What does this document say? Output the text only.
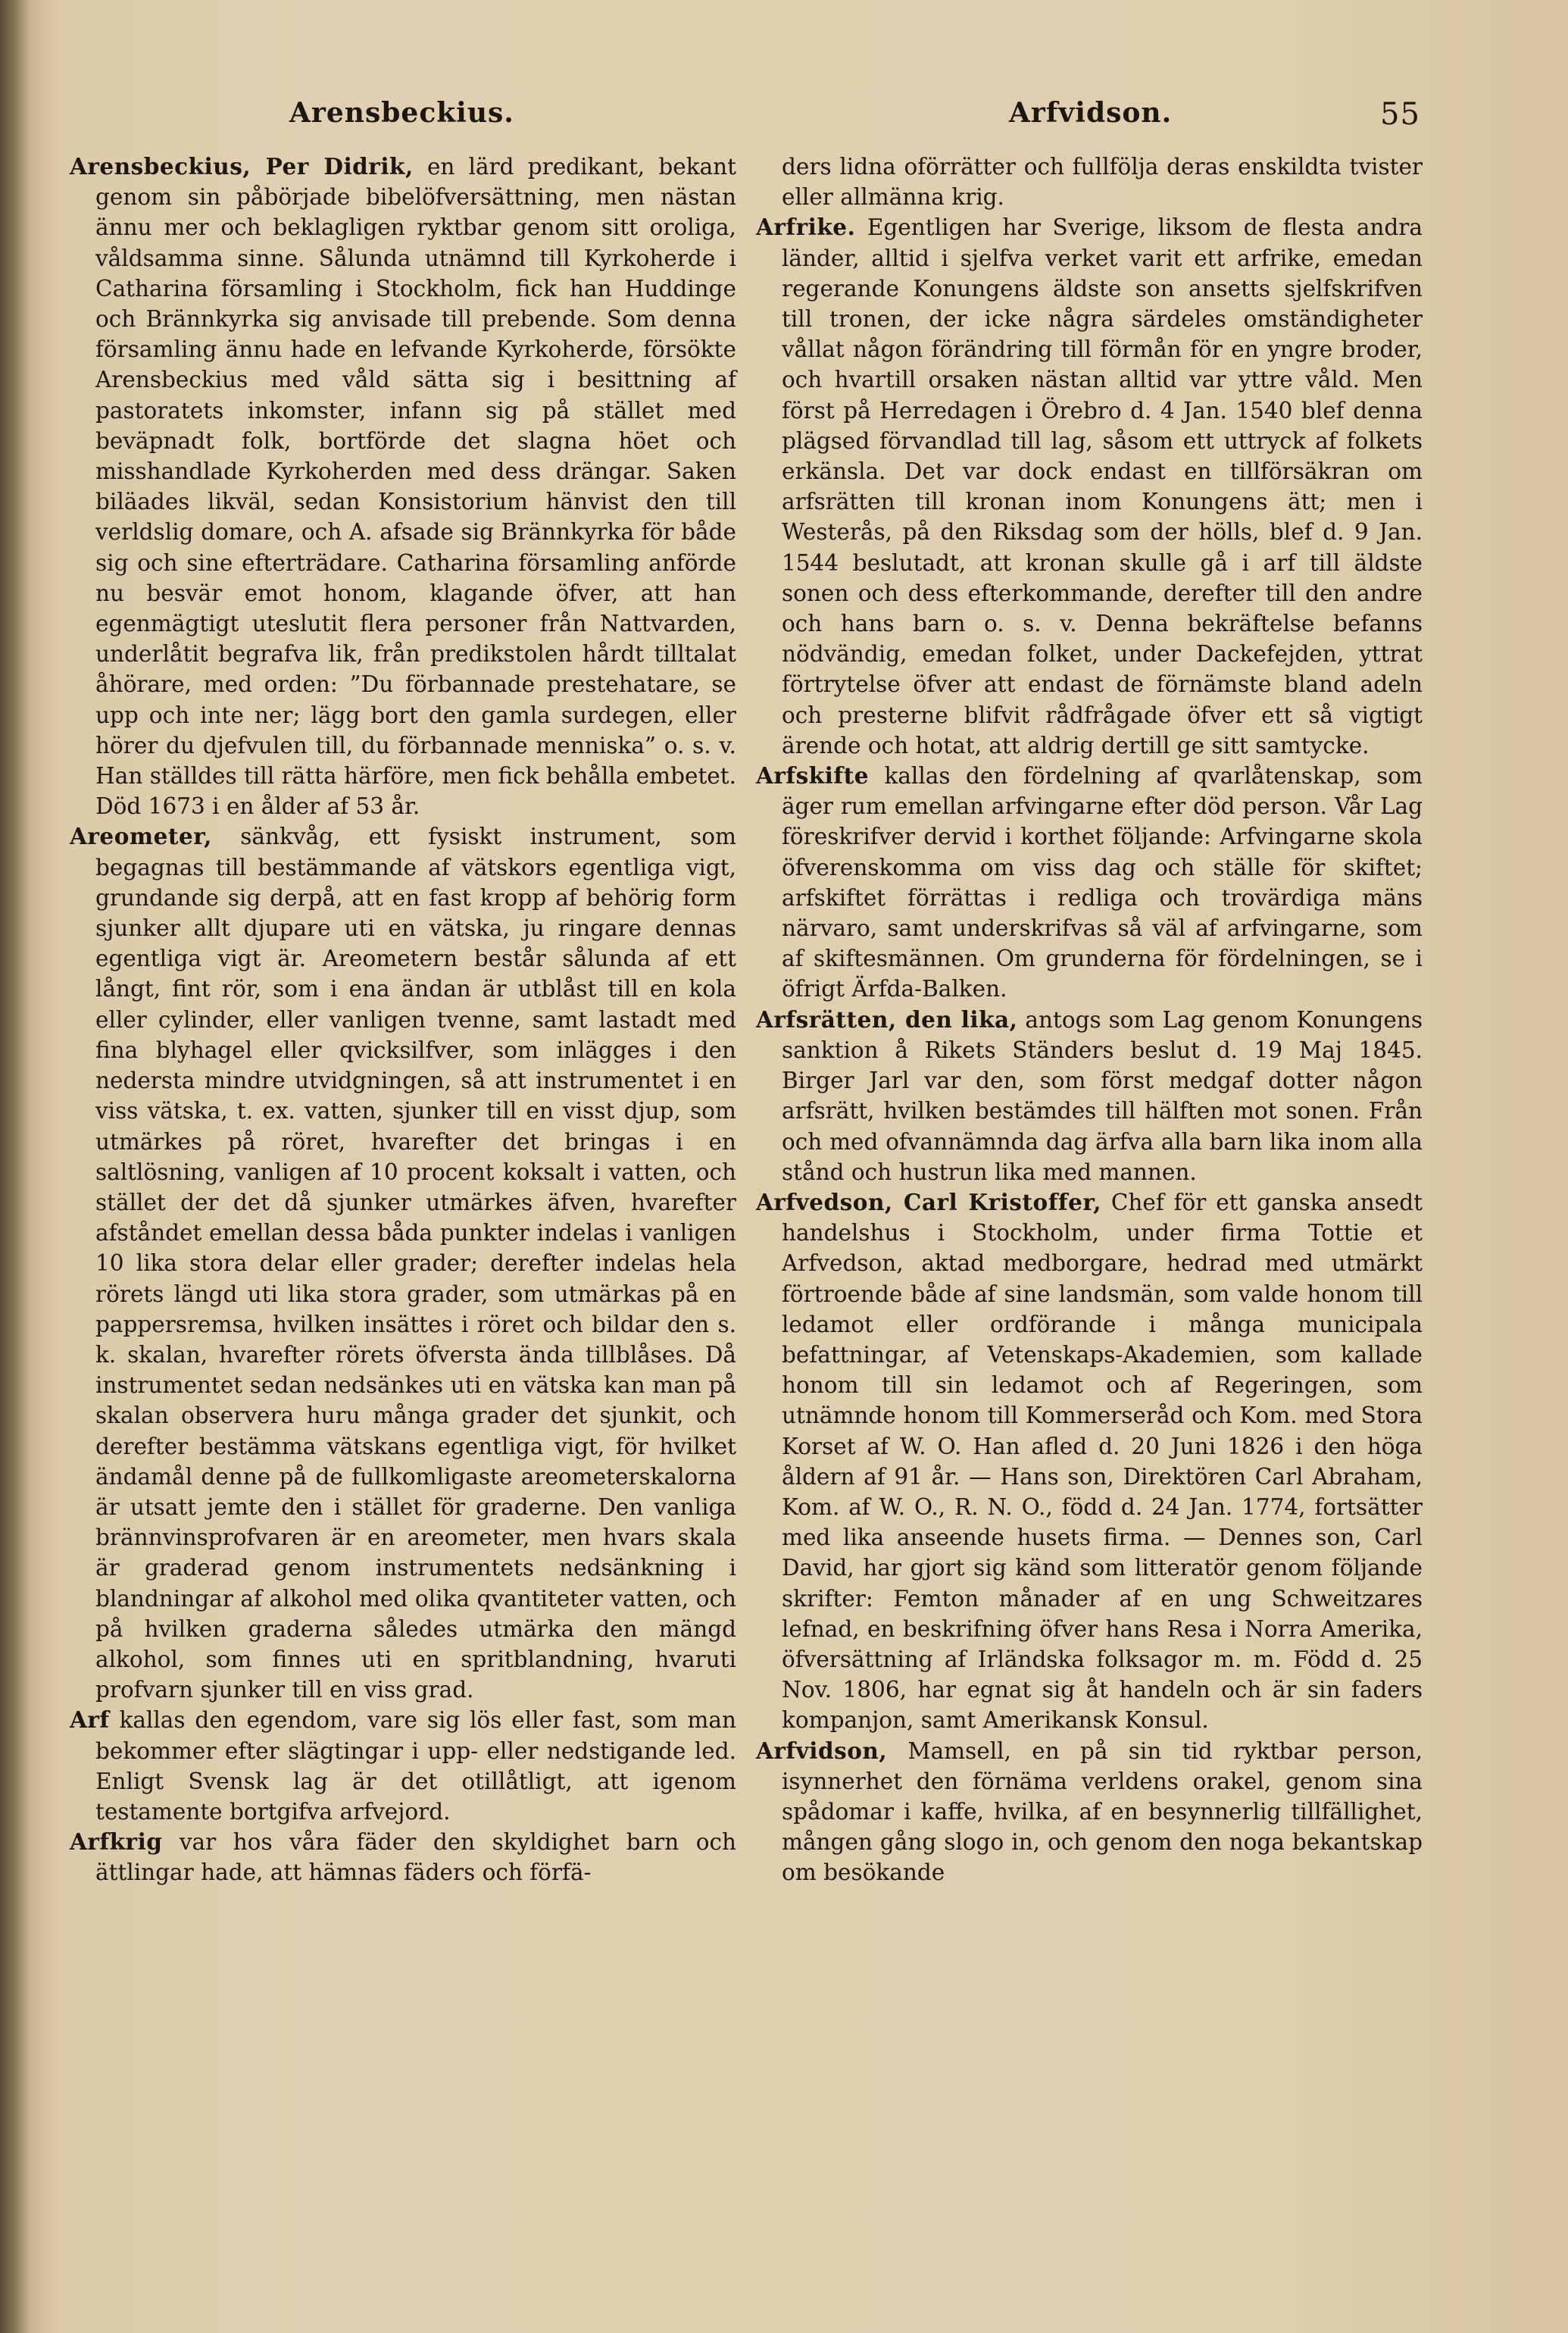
Arensbeckius.	Arfvidson.	55

Arensbeckius, Per Didrik, en lärd predikant, bekant genom sin påbörjade bibelöfversättning, men nästan ännu mer och beklagligen ryktbar genom sitt oroliga, våldsamma sinne. Sålunda utnämnd till Kyrkoherde i Catharina församling i Stockholm, fick han Huddinge och Brännkyrka sig anvisade till prebende. Som denna församling ännu hade en lefvande Kyrkoherde, försökte Arensbeckius med våld sätta sig i besittning af pastoratets inkomster, infann sig på stället med beväpnadt folk, bortförde det slagna höet och misshandlade Kyrkoherden med dess drängar. Saken biläades likväl, sedan Konsistorium hänvist den till verldslig domare, och A. afsade sig Brännkyrka för både sig och sine efterträdare. Catharina församling anförde nu besvär emot honom, klagande öfver, att han egenmägtigt uteslutit flera personer från Nattvarden, underlåtit begrafva lik, från predikstolen hårdt tilltalat åhörare, med orden: ”Du förbannade prestehatare, se upp och inte ner; lägg bort den gamla surdegen, eller hörer du djefvulen till, du förbannade menniska” o. s. v. Han ställdes till rätta härföre, men fick behålla embetet. Död 1673 i en ålder af 53 år.

Areometer, sänkvåg, ett fysiskt instrument, som begagnas till bestämmande af vätskors egentliga vigt, grundande sig derpå, att en fast kropp af behörig form sjunker allt djupare uti en vätska, ju ringare dennas egentliga vigt är. Areometern består sålunda af ett långt, fint rör, som i ena ändan är utblåst till en kola eller cylinder, eller vanligen tvenne, samt lastadt med fina blyhagel eller qvicksilfver, som inlägges i den nedersta mindre utvidgningen, så att instrumentet i en viss vätska, t. ex. vatten, sjunker till en visst djup, som utmärkes på röret, hvarefter det bringas i en saltlösning, vanligen af 10 procent koksalt i vatten, och stället der det då sjunker utmärkes äfven, hvarefter afståndet emellan dessa båda punkter indelas i vanligen 10 lika stora delar eller grader; derefter indelas hela rörets längd uti lika stora grader, som utmärkas på en pappersremsa, hvilken insättes i röret och bildar den s. k. skalan, hvarefter rörets öfversta ända tillblåses. Då instrumentet sedan nedsänkes uti en vätska kan man på skalan observera huru många grader det sjunkit, och derefter bestämma vätskans egentliga vigt, för hvilket ändamål denne på de fullkomligaste areometerskalorna är utsatt jemte den i stället för graderne. Den vanliga brännvinsprofvaren är en areometer, men hvars skala är graderad genom instrumentets nedsänkning i blandningar af alkohol med olika qvantiteter vatten, och på hvilken graderna således utmärka den mängd alkohol, som finnes uti en spritblandning, hvaruti profvarn sjunker till en viss grad.

Arf kallas den egendom, vare sig lös eller fast, som man bekommer efter slägtingar i upp- eller nedstigande led. Enligt Svensk lag är det otillåtligt, att igenom testamente bortgifva arfvejord.

Arfkrig var hos våra fäder den skyldighet barn och ättlingar hade, att hämnas fäders och förfä-

ders lidna oförrätter och fullfölja deras enskildta tvister eller allmänna krig.

Arfrike. Egentligen har Sverige, liksom de flesta andra länder, alltid i sjelfva verket varit ett arfrike, emedan regerande Konungens äldste son ansetts sjelfskrifven till tronen, der icke några särdeles omständigheter vållat någon förändring till förmån för en yngre broder, och hvartill orsaken nästan alltid var yttre våld. Men först på Herredagen i Örebro d. 4 Jan. 1540 blef denna plägsed förvandlad till lag, såsom ett uttryck af folkets erkänsla. Det var dock endast en tillförsäkran om arfsrätten till kronan inom Konungens ätt; men i Westerås, på den Riksdag som der hölls, blef d. 9 Jan. 1544 beslutadt, att kronan skulle gå i arf till äldste sonen och dess efterkommande, derefter till den andre och hans barn o. s. v. Denna bekräftelse befanns nödvändig, emedan folket, under Dackefejden, yttrat förtrytelse öfver att endast de förnämste bland adeln och presterne blifvit rådfrågade öfver ett så vigtigt ärende och hotat, att aldrig dertill ge sitt samtycke.

Arfskifte kallas den fördelning af qvarlåtenskap, som äger rum emellan arfvingarne efter död person. Vår Lag föreskrifver dervid i korthet följande: Arfvingarne skola öfverenskomma om viss dag och ställe för skiftet; arfskiftet förrättas i redliga och trovärdiga mäns närvaro, samt underskrifvas så väl af arfvingarne, som af skiftesmännen. Om grunderna för fördelningen, se i öfrigt Ärfda-Balken.

Arfsrätten, den lika, antogs som Lag genom Konungens sanktion å Rikets Ständers beslut d. 19 Maj 1845. Birger Jarl var den, som först medgaf dotter någon arfsrätt, hvilken bestämdes till hälften mot sonen. Från och med ofvannämnda dag ärfva alla barn lika inom alla stånd och hustrun lika med mannen.

Arfvedson, Carl Kristoffer, Chef för ett ganska ansedt handelshus i Stockholm, under firma Tottie et Arfvedson, aktad medborgare, hedrad med utmärkt förtroende både af sine landsmän, som valde honom till ledamot eller ordförande i många municipala befattningar, af Vetenskaps-Akademien, som kallade honom till sin ledamot och af Regeringen, som utnämnde honom till Kommerseråd och Kom. med Stora Korset af W. O. Han afled d. 20 Juni 1826 i den höga åldern af 91 år. — Hans son, Direktören Carl Abraham, Kom. af W. O., R. N. O., född d. 24 Jan. 1774, fortsätter med lika anseende husets firma. — Dennes son, Carl David, har gjort sig känd som litteratör genom följande skrifter: Femton månader af en ung Schweitzares lefnad, en beskrifning öfver hans Resa i Norra Amerika, öfversättning af Irländska folksagor m. m. Född d. 25 Nov. 1806, har egnat sig åt handeln och är sin faders kompanjon, samt Amerikansk Konsul.

Arfvidson, Mamsell, en på sin tid ryktbar person, isynnerhet den förnäma verldens orakel, genom sina spådomar i kaffe, hvilka, af en besynnerlig tillfällighet, mången gång slogo in, och genom den noga bekantskap om besökande
